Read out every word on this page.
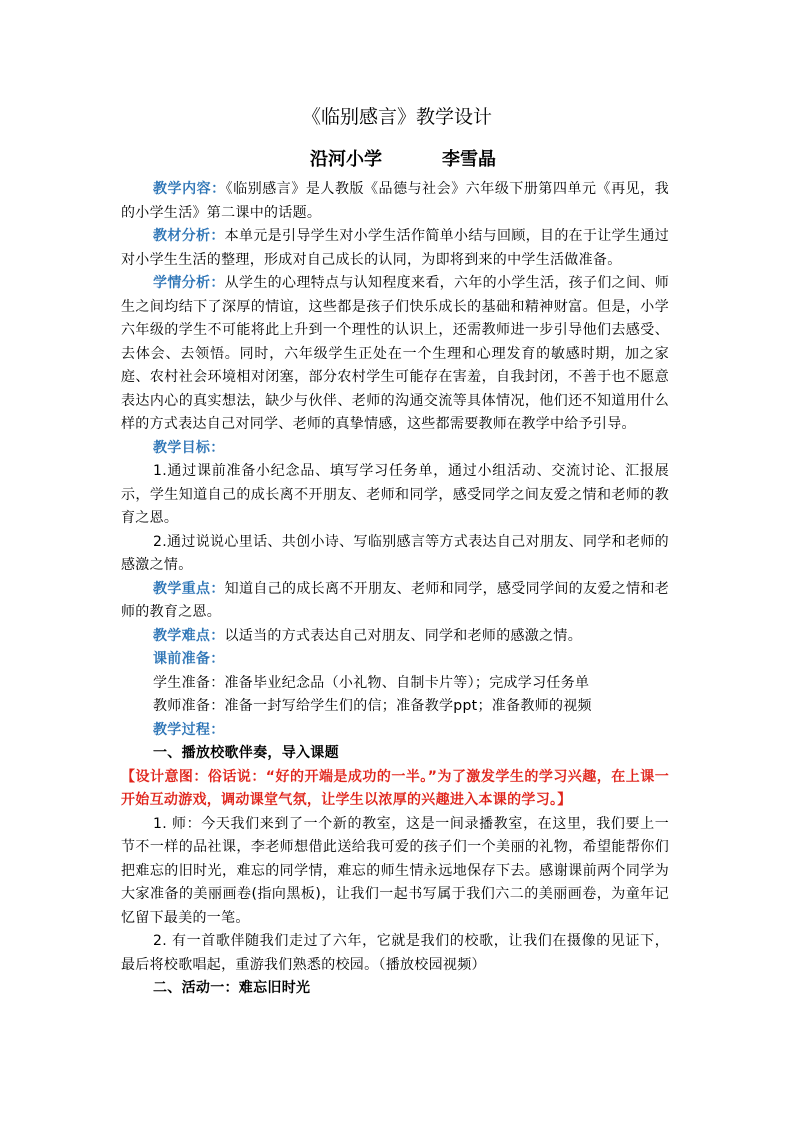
《临别感言》教学设计
沿河小学	李雪晶

教学内容：《临别感言》是人教版《品德与社会》六年级下册第四单元《再见，我的小学生活》第二课中的话题。

教材分析：本单元是引导学生对小学生活作简单小结与回顾，目的在于让学生通过对小学生生活的整理，形成对自己成长的认同，为即将到来的中学生活做准备。

学情分析：从学生的心理特点与认知程度来看，六年的小学生活，孩子们之间、师生之间均结下了深厚的情谊，这些都是孩子们快乐成长的基础和精神财富。但是，小学六年级的学生不可能将此上升到一个理性的认识上，还需教师进一步引导他们去感受、去体会、去领悟。同时，六年级学生正处在一个生理和心理发育的敏感时期，加之家庭、农村社会环境相对闭塞，部分农村学生可能存在害羞，自我封闭，不善于也不愿意表达内心的真实想法，缺少与伙伴、老师的沟通交流等具体情况，他们还不知道用什么样的方式表达自己对同学、老师的真挚情感，这些都需要教师在教学中给予引导。

教学目标：

1.通过课前准备小纪念品、填写学习任务单，通过小组活动、交流讨论、汇报展示，学生知道自己的成长离不开朋友、老师和同学，感受同学之间友爱之情和老师的教育之恩。

2.通过说说心里话、共创小诗、写临别感言等方式表达自己对朋友、同学和老师的感激之情。

教学重点：知道自己的成长离不开朋友、老师和同学，感受同学间的友爱之情和老师的教育之恩。

教学难点：以适当的方式表达自己对朋友、同学和老师的感激之情。

课前准备：

学生准备：准备毕业纪念品（小礼物、自制卡片等）；完成学习任务单

教师准备：准备一封写给学生们的信；准备教学ppt；准备教师的视频

教学过程：

一、播放校歌伴奏，导入课题

【设计意图：俗话说：“好的开端是成功的一半。”为了激发学生的学习兴趣，在上课一开始互动游戏，调动课堂气氛，让学生以浓厚的兴趣进入本课的学习。】

1. 师：今天我们来到了一个新的教室，这是一间录播教室，在这里，我们要上一节不一样的品社课，李老师想借此送给我可爱的孩子们一个美丽的礼物，希望能帮你们把难忘的旧时光，难忘的同学情，难忘的师生情永远地保存下去。感谢课前两个同学为大家准备的美丽画卷(指向黑板)，让我们一起书写属于我们六二的美丽画卷，为童年记忆留下最美的一笔。

2. 有一首歌伴随我们走过了六年，它就是我们的校歌，让我们在摄像的见证下，最后将校歌唱起，重游我们熟悉的校园。（播放校园视频）

二、活动一：难忘旧时光
